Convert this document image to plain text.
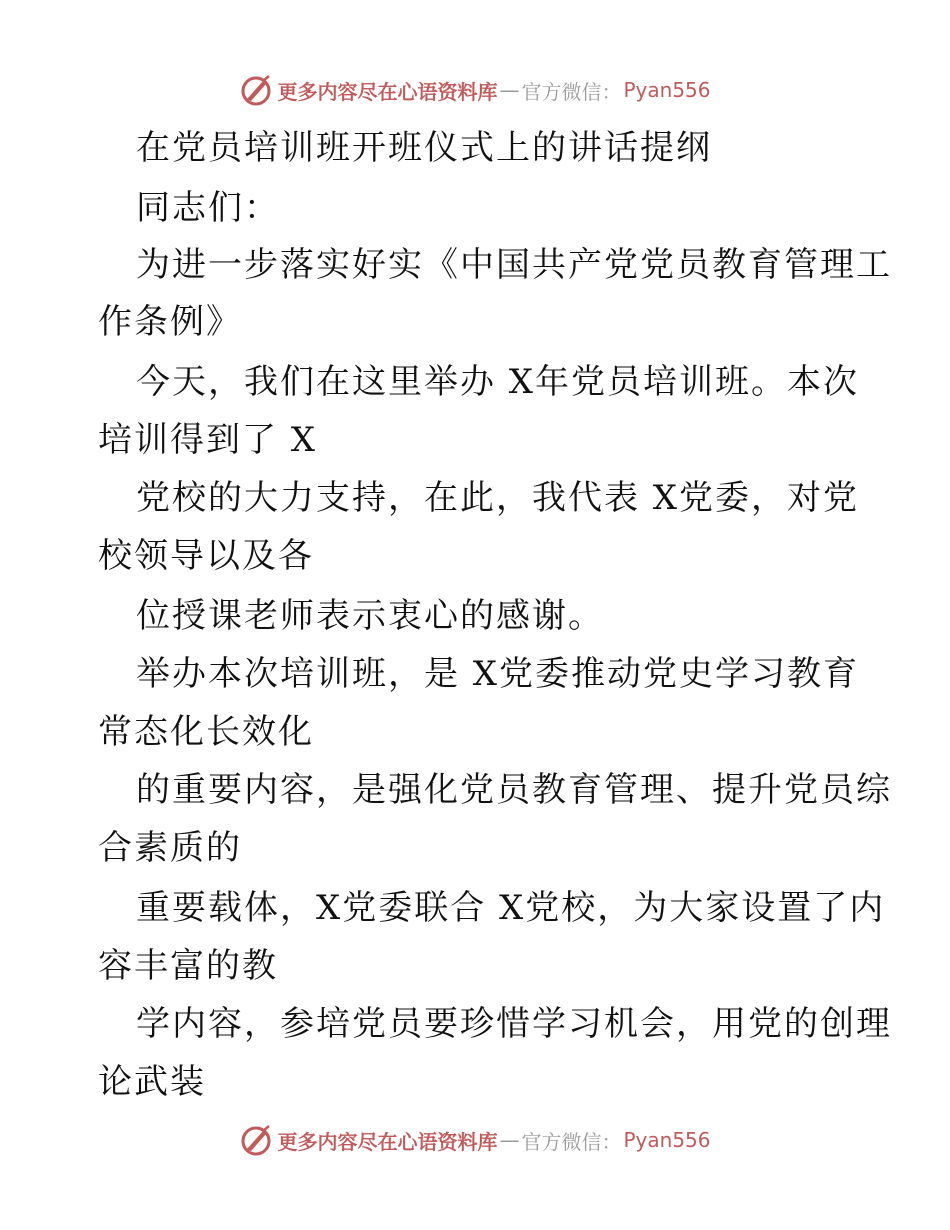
更多内容尽在心语资料库 — 官方微信： Pyan556
在党员培训班开班仪式上的讲话提纲
同志们：
为进一步落实好实《中国共产党党员教育管理工
作条例》
今天，我们在这里举办 X年党员培训班。本次
培训得到了 X
党校的大力支持，在此，我代表 X党委，对党
校领导以及各
位授课老师表示衷心的感谢。
举办本次培训班，是 X党委推动党史学习教育
常态化长效化
的重要内容，是强化党员教育管理、提升党员综
合素质的
重要载体，X党委联合 X党校，为大家设置了内
容丰富的教
学内容，参培党员要珍惜学习机会，用党的创理
论武装
更多内容尽在心语资料库 — 官方微信： Pyan556
